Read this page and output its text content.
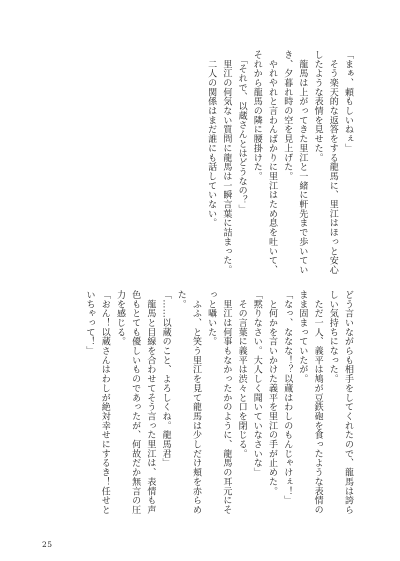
「まぁ、頼もしいねぇ」

　そう楽天的な返答をする龍馬に、里江はほっと安心したような表情を見せた。

　龍馬は上がってきた里江と一緒に軒先まで歩いていき、夕暮れ時の空を見上げた。

　やれやれと言わんばかりに里江はため息を吐いて、それから龍馬の隣に腰掛けた。

　「それで、以蔵さんとはどうなの？」

　里江の何気ない質問に龍馬は一瞬言葉に詰まった。

　二人の関係はまだ誰にも話していない。

どう言いながらも相手をしてくれたので、龍馬は誇らしい気持ちになった。

　ただ一人、義平は鳩が豆鉄砲を食ったような表情のまま固まっていたが。

「なっ、ななな！？以蔵はわしのもんじゃけぇ！」

　と何かを言いかけた義平を里江の手が止めた。

「黙りなさい。大人しく聞いていなさいな」

　その言葉に義平は渋々と口を閉じる。

　里江は何事もなかったかのように、龍馬の耳元にそっと囁いた。

　ふふ、と笑う里江を見て龍馬は少しだけ頬を赤らめた。

「……以蔵のこと、よろしくね。龍馬君」

　龍馬と目線を合わせてそう言った里江は、表情も声色もとても優しいものであったが、何故だか無言の圧力を感じる。

「おん！以蔵さんはわしが絶対幸せにするき！任せといちゃって！」

25
